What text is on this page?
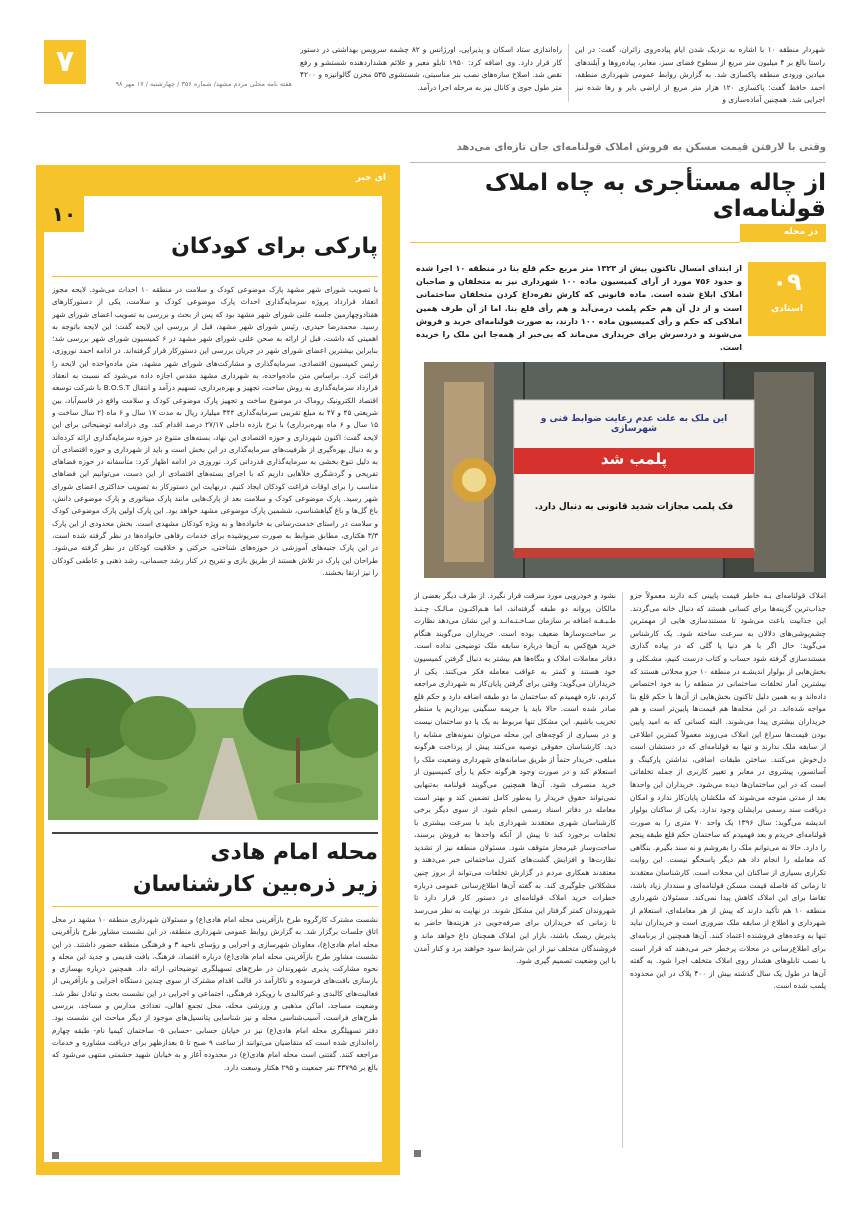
۷
هفته نامه محلی مردم مشهد/ شماره ۳۵۶ / چهارشنبه / ۱۷ مهر ۹۸
شهردار منطقه ۱۰ با اشاره به نزدیک شدن ایام پیاده‌روی زائران، گفت: در این راستا بالغ بر ۴ میلیون متر مربع از سطوح فضای سبز، معابر، پیاده‌روها و آیلندهای میادین ورودی منطقه پاکسازی شد. به گزارش روابط عمومی شهرداری منطقه، احمد حافظ گفت: پاکسازی ۱۲۰ هزار متر مربع از اراضی بایر و رها شده نیز اجرایی شد. همچنین آماده‌سازی و
راه‌اندازی ستاد اسکان و پذیرایی، اورژانس و ۸۲ چشمه سرویس بهداشتی در دستور کار قرار دارد. وی اضافه کرد: ۱۹۵۰ تابلو معبر و علائم هشداردهنده شستشو و رفع نقص شد. اصلاح سازه‌های نصب بنر مناسبتی، شستشوی ۵۳۵ مخزن گالوانیزه و ۴۲۰۰ متر طول جوی و کانال نیز به مرحله اجرا درآمد.
وقتی با لارفتن قیمت مسکن به فروش املاک قولنامه‌ای جان تازه‌ای می‌دهد
از چاله مستأجری به چاه املاک قولنامه‌ای
در محله
۰۹
استادی
از ابتدای امسال تاکنون بیش از ۱۳۲۳ متر مربع حکم قلع بنا در منطقه ۱۰ اجرا شده و حدود ۷۵۶ مورد از آرای کمیسیون ماده ۱۰۰ شهرداری نیز به متخلفان و صاحبان املاک ابلاغ شده است. ماده قانونی که کارش نقره‌داغ کردن متخلفان ساختمانی است و از دل آن هم حکم پلمب درمی‌آید و هم رأی قلع بنا. اما از آن طرف همین املاکی که حکم و رأی کمیسیون ماده ۱۰۰ دارند، به صورت قولنامه‌ای خرید و فروش می‌شوند و دردسرش برای خریداری می‌ماند که بی‌خبر از همه‌جا این ملک را خریده است.
این ملک به علت عدم رعایت ضوابط فنی و شهرسازی
پلمب شد
فک پلمب مجازات شدید قانونی به دنبال دارد.
املاک قولنامه‌ای بـه خاطر قیمت پایینی کـه دارند معمولاً جزو جذاب‌ترین گزینه‌ها برای کسانی هستند که دنبال خانه می‌گردند. این جذابیت باعث می‌شود تا مستندسازی هایی از مهمترین چشم‌پوشی‌های دلالان به سرعت ساخته شود. یک کارشناس می‌گوید: حال اگر با هر دنیا یا گلی که در پیاده گذاری مستندسازی گرفته شود حساب و کتاب درست کنیم، مشـکلی و بخش‌هایی از بولوار اندیشـه در منطقه ۱۰ جزو محلاتی هستند که بیشترین آمار تخلفات ساختمانی در منطقه را به خود اختصاص داده‌اند و به همین دلیل تاکنون بخش‌هایی از آن‌ها با حکم قلع بنا مواجه شده‌اند. در این محله‌ها هم قیمت‌ها پایین‌تر است و هم خریداران بیشتری پیدا می‌شوند. البته کسانی که به امید پایین بودن قیمت‌ها سراغ این املاک می‌روند معمولاً کمترین اطلاعی از سابقه ملک ندارند و تنها به قولنامه‌ای که در دستشان است دل‌خوش می‌کنند. ساختن طبقات اضافی، نداشتن پارکینگ و آسانسور، پیشروی در معابر و تغییر کاربری از جمله تخلفاتی است که در این ساختمان‌ها دیده می‌شود. خریداران این واحدها بعد از مدتی متوجه می‌شوند که ملکشان پایان‌کار ندارد و امکان دریافت سند رسمی برایشان وجود ندارد. یکی از ساکنان بولوار اندیشه می‌گوید: سال ۱۳۹۶ یک واحد ۷۰ متری را به صورت قولنامه‌ای خریدم و بعد فهمیدم که ساختمان حکم قلع طبقه پنجم را دارد. حالا نه می‌توانم ملک را بفروشم و نه سند بگیرم. بنگاهی که معامله را انجام داد هم دیگر پاسخگو نیست. این روایت تکراری بسیاری از ساکنان این محلات است. کارشناسان معتقدند تا زمانی که فاصله قیمت مسکن قولنامه‌ای و سنددار زیاد باشد، تقاضا برای این املاک کاهش پیدا نمی‌کند. مسئولان شهرداری منطقه ۱۰ هم تأکید دارند که پیش از هر معامله‌ای، استعلام از شهرداری و اطلاع از سابقه ملک ضروری است و خریداران نباید تنها به وعده‌های فروشنده اعتماد کنند. آن‌ها همچنین از برنامه‌ای برای اطلاع‌رسانی در محلات پرخطر خبر می‌دهند که قرار است با نصب تابلوهای هشدار روی املاک متخلف اجرا شود. به گفته آن‌ها در طول یک سال گذشته بیش از ۴۰۰ پلاک در این محدوده پلمب شده است.
نشود و خودرویی مورد سرقت قرار نگیرد. از طرف دیگر بعضی از مالکان پروانه دو طبقه گرفته‌اند، اما هـم‌اکنـون مـالـک چـنـد طـبـقـه اضافه بر سازمان سـاخـتـه‌انـد و این نشان می‌دهد نظارت بر ساخت‌وسازها ضعیف بوده است. خریداران می‌گویند هنگام خرید هیچ‌کس به آن‌ها درباره سابقه ملک توضیحی نداده است. دفاتر معاملات املاک و بنگاه‌ها هم بیشتر به دنبال گرفتن کمیسیون خود هستند و کمتر به عواقب معامله فکر می‌کنند. یکی از خریداران می‌گوید: وقتی برای گرفتن پایان‌کار به شهرداری مراجعه کردم، تازه فهمیدم که ساختمان ما دو طبقه اضافه دارد و حکم قلع صادر شده است. حالا باید یا جریمه سنگینی بپردازیم یا منتظر تخریب باشیم. این مشکل تنها مربوط به یک یا دو ساختمان نیست و در بسیاری از کوچه‌های این محله می‌توان نمونه‌های مشابه را دید. کارشناسان حقوقی توصیه می‌کنند پیش از پرداخت هرگونه مبلغی، خریدار حتماً از طریق سامانه‌های شهرداری وضعیت ملک را استعلام کند و در صورت وجود هرگونه حکم یا رأی کمیسیون از خرید منصرف شود. آن‌ها همچنین می‌گویند قولنامه به‌تنهایی نمی‌تواند حقوق خریدار را به‌طور کامل تضمین کند و بهتر است معامله در دفاتر اسناد رسمی انجام شود. از سوی دیگر برخی کارشناسان شهری معتقدند شهرداری باید با سرعت بیشتری با تخلفات برخورد کند تا پیش از آنکه واحدها به فروش برسند، ساخت‌وساز غیرمجاز متوقف شود. مسئولان منطقه نیز از تشدید نظارت‌ها و افزایش گشت‌های کنترل ساختمانی خبر می‌دهند و معتقدند همکاری مردم در گزارش تخلفات می‌تواند از بروز چنین مشکلاتی جلوگیری کند. به گفته آن‌ها اطلاع‌رسانی عمومی درباره خطرات خرید املاک قولنامه‌ای در دستور کار قرار دارد تا شهروندان کمتر گرفتار این مشکل شوند. در نهایت به نظر می‌رسد تا زمانی که خریداران برای صرفه‌جویی در هزینه‌ها حاضر به پذیرش ریسک باشند، بازار این املاک همچنان داغ خواهد ماند و فروشندگان متخلف نیز از این شرایط سود خواهند برد و کنار آمدن با این وضعیت تصمیم گیری شود.
ای خبر
۱۰
پارکی برای کودکان
با تصویب شورای شهر مشهد پارک موضوعی کودک و سلامت در منطقه ۱۰ احداث می‌شود. لایحه مجوز انعقاد قرارداد پروژه سرمایه‌گذاری احداث پارک موضوعی کودک و سلامت، یکی از دستورکارهای هفتادوچهارمین جلسه علنی شورای شهر مشهد بود که پس از بحث و بررسی به تصویب اعضای شورای شهر رسید. محمدرضا حیدری، رئیس شورای شهر مشهد، قبل از بررسی این لایحه گفت: این لایحه باتوجه به اهمیتی که داشت، قبل از ارائه به صحن علنی شورای شهر مشهد در ۶ کمیسیون شورای شهر بررسی شد؛ بنابراین بیشترین اعضای شورای شهر در جریان بررسی این دستورکار قرار گرفته‌اند. در ادامه احمد نوروزی، رئیس کمیسیون اقتصادی، سرمایه‌گذاری و مشارکت‌های شورای شهر مشهد، متن ماده‌واحده این لایحه را قرائت کرد. براساس متن ماده‌واحده، به شهرداری مشهد مقدس اجازه داده می‌شود که نسبت به انعقاد قرارداد سرمایه‌گذاری به روش ساخت، تجهیز و بهره‌برداری، تسهیم درآمد و انتقال B.O.S.T با شرکت توسعه اقتصاد الکترونیک روماک در موضوع ساخت و تجهیز پارک موضوعی کودک و سلامت واقع در قاسم‌آباد، بین شریعتی ۴۵ و ۴۷ به مبلغ تقریبی سرمایه‌گذاری ۳۴۴ میلیارد ریال به مدت ۱۷ سال و ۶ ماه (۲ سال ساخت و ۱۵ سال و ۶ ماه بهره‌برداری) با نرخ بازده داخلی ۲۷/۱۷ درصد اقدام کند. وی درادامه توضیحاتی برای این لایحه گفت: اکنون شهرداری و حوزه اقتصادی این نهاد، بسته‌های متنوع در حوزه سرمایه‌گذاری ارائه کرده‌اند و به دنبال بهره‌گیری از ظرفیت‌های سرمایه‌گذاری در این بخش است و باید از شهرداری و حوزه اقتصادی آن به دلیل تنوع بخشی به سرمایه‌گذاری قدردانی کرد. نوروزی در ادامه اظهار کرد: متأسفانه در حوزه فضاهای تفریحی و گردشگری خلأهایی داریم که با اجرای بسته‌های اقتصادی از این دست، می‌توانیم این فضاهای مناسب را برای اوقات فراغت کودکان ایجاد کنیم. درنهایت این دستورکار به تصویب حداکثری اعضای شورای شهر رسید. پارک موضوعی کودک و سلامت بعد از پارک‌هایی مانند پارک میناتوری و پارک موضوعی دانش، باغ گل‌ها و باغ گیاهشناسی، ششمین پارک موضوعی مشهد خواهد بود. این پارک اولین پارک موضوعی کودک و سلامت در راستای خدمت‌رسانی به خانواده‌ها و به ویژه کودکان مشهدی است. بخش محدودی از این پارک ۳/۳ هکتاری، مطابق ضوابط به صورت سرپوشیده برای خدمات رفاهی خانواده‌ها در نظر گرفته شده است، در این پارک جنبه‌های آموزشی در حوزه‌های شناختی، حرکتی و خلاقیت کودکان در نظر گرفته می‌شود. طراحان این پارک در تلاش هستند از طریق بازی و تفریح در کنار رشد جسمانی، رشد ذهنی و عاطفی کودکان را نیز ارتقا بخشند.
محله امام هادی
زیر ذره‌بین کارشناسان
نشست مشترک کارگروه طرح بازآفرینی محله امام هادی(ع) و مسئولان شهرداری منطقه ۱۰ مشهد در محل اتاق جلسات برگزار شد. به گزارش روابط عمومی شهرداری منطقه، در این نشست مشاور طرح بازآفرینی محله امام هادی(ع)، معاونان شهرسازی و اجرایی و رؤسای ناحیه ۳ و فرهنگی منطقه حضور داشتند. در این نشست مشاور طرح بازآفرینی محله امام هادی(ع) درباره اقتصاد، فرهنگ، بافت قدیمی و جدید این محله و نحوه مشارکت پذیری شهروندان در طرح‌های تسهیلگری توضیحاتی ارائه داد. همچنین درباره بهسازی و بازسازی بافت‌های فرسوده و ناکارآمد در قالب اقدام مشترک از سوی چندین دستگاه اجرایی و بازآفرینی از فعالیت‌های کالبدی و غیرکالبدی با رویکرد فرهنگی، اجتماعی و اجرایی در این نشست بحث و تبادل نظر شد. وضعیت مساجد، اماکن مذهبی و ورزشی محله، محل تجمع اهالی، تعدادی مدارس و مساجد، بررسی طرح‌های فراست، آسیب‌شناسی محله و نیز شناسایی پتانسیل‌های موجود از دیگر مباحث این نشست بود. دفتر تسهیلگری محله امام هادی(ع) نیز در خیابان حسابی -حسابی ۵- ساختمان کیمیا نام- طبقه چهارم راه‌اندازی شده است که متقاضیان می‌توانند از ساعت ۹ صبح تا ۵ بعدازظهر برای دریافت مشاوره و خدمات مراجعه کنند. گفتنی است محله امام هادی(ع) در محدوده آغاز و به خیابان شهید حشمتی منتهی می‌شود که بالغ بر ۳۳۷۹۵ نفر جمعیت و ۲۹۵ هکتار وسعت دارد.
